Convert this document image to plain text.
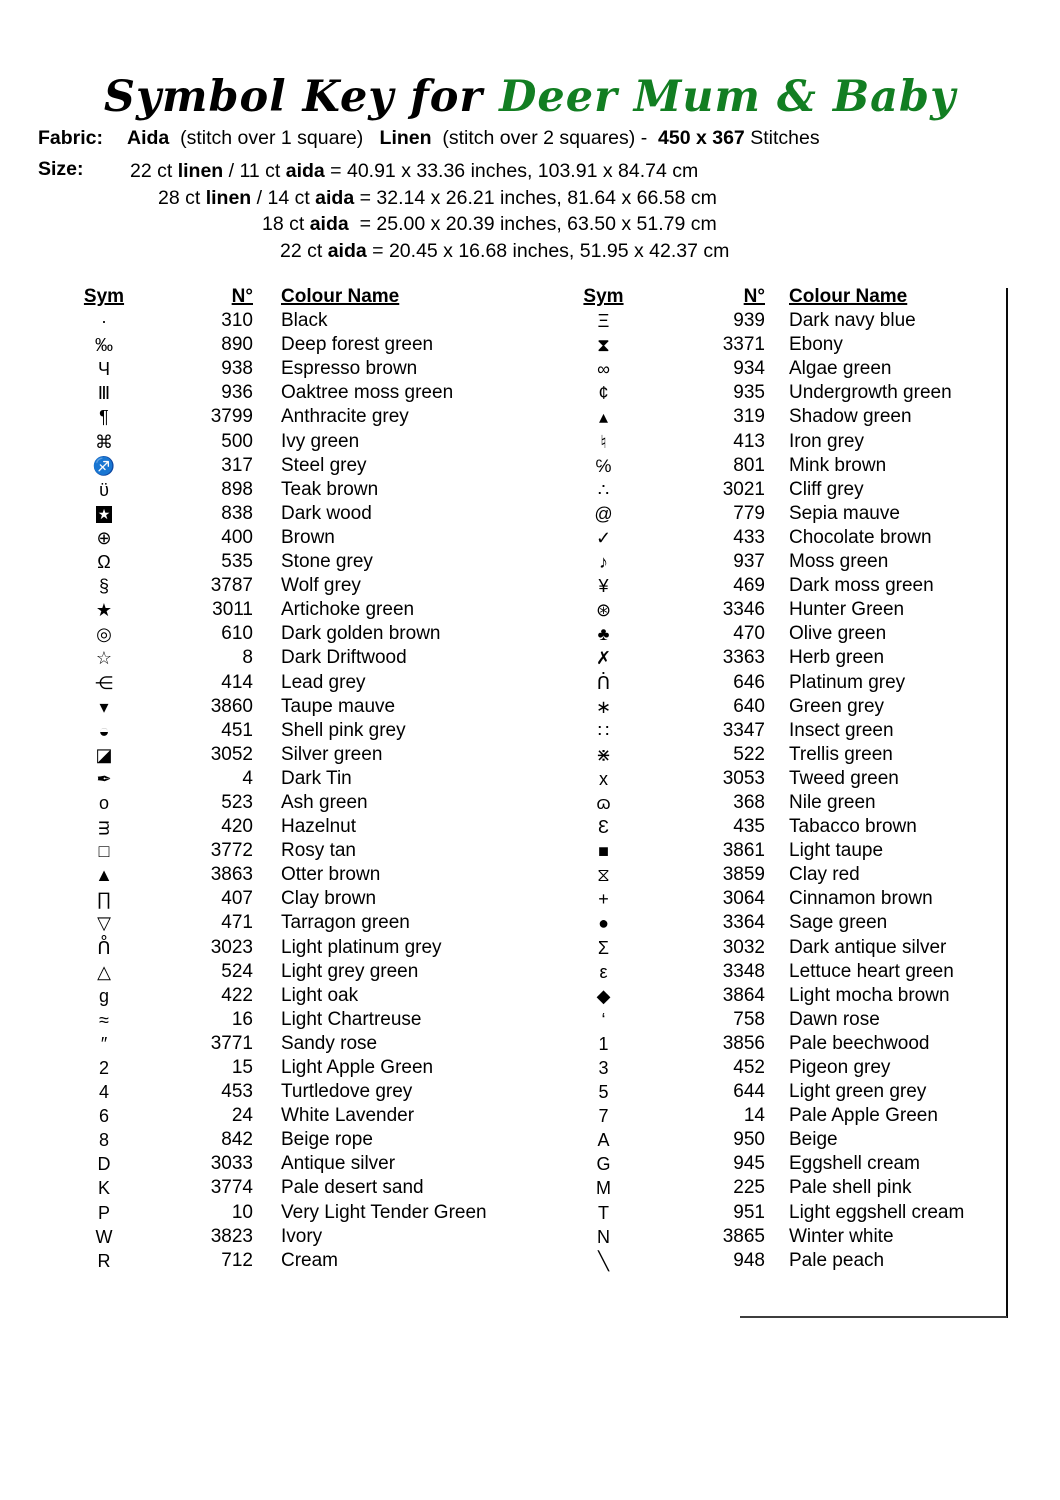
Symbol Key for Deer Mum & Baby
Fabric: Aida  (stitch over 1 square)   Linen  (stitch over 2 squares) -  450 x 367 Stitches
Size: 22 ct linen / 11 ct aida = 40.91 x 33.36 inches, 103.91 x 84.74 cm
28 ct linen / 14 ct aida = 32.14 x 26.21 inches, 81.64 x 66.58 cm
18 ct aida  = 25.00 x 20.39 inches, 63.50 x 51.79 cm
22 ct aida = 20.45 x 16.68 inches, 51.95 x 42.37 cm
Sym	N°	Colour Name	Sym	N°	Colour Name
·	310	Black	Ξ	939	Dark navy blue
‰	890	Deep forest green	⧗	3371	Ebony
Ч	938	Espresso brown	∞	934	Algae green
Ⅲ	936	Oaktree moss green	¢	935	Undergrowth green
¶	3799	Anthracite grey	▴	319	Shadow green
⌘	500	Ivy green	♮	413	Iron grey
♐	317	Steel grey	℅	801	Mink brown
ϋ	898	Teak brown	∴	3021	Cliff grey
★	838	Dark wood	@	779	Sepia mauve
⊕	400	Brown	✓	433	Chocolate brown
Ω	535	Stone grey	♪	937	Moss green
§	3787	Wolf grey	¥	469	Dark moss green
★	3011	Artichoke green	⊛	3346	Hunter Green
◎	610	Dark golden brown	♣	470	Olive green
☆	8	Dark Driftwood	✗	3363	Herb green
⋲	414	Lead grey	ᑏ	646	Platinum grey
▾	3860	Taupe mauve	∗	640	Green grey
◒	451	Shell pink grey	∷	3347	Insect green
◪	3052	Silver green	⋇	522	Trellis green
✒	4	Dark Tin	x	3053	Tweed green
o	523	Ash green	ɷ	368	Nile green
ᴟ	420	Hazelnut	Ɛ	435	Tabacco brown
□	3772	Rosy tan	■	3861	Light taupe
▲	3863	Otter brown	⧖	3859	Clay red
∏	407	Clay brown	+	3064	Cinnamon brown
▽	471	Tarragon green	●	3364	Sage green
ᑍ	3023	Light platinum grey	Σ	3032	Dark antique silver
△	524	Light grey green	ε	3348	Lettuce heart green
g	422	Light oak	◆	3864	Light mocha brown
≈	16	Light Chartreuse	‘	758	Dawn rose
″	3771	Sandy rose	1	3856	Pale beechwood
2	15	Light Apple Green	3	452	Pigeon grey
4	453	Turtledove grey	5	644	Light green grey
6	24	White Lavender	7	14	Pale Apple Green
8	842	Beige rope	A	950	Beige
D	3033	Antique silver	G	945	Eggshell cream
K	3774	Pale desert sand	M	225	Pale shell pink
P	10	Very Light Tender Green	T	951	Light eggshell cream
W	3823	Ivory	N	3865	Winter white
R	712	Cream	╲	948	Pale peach
